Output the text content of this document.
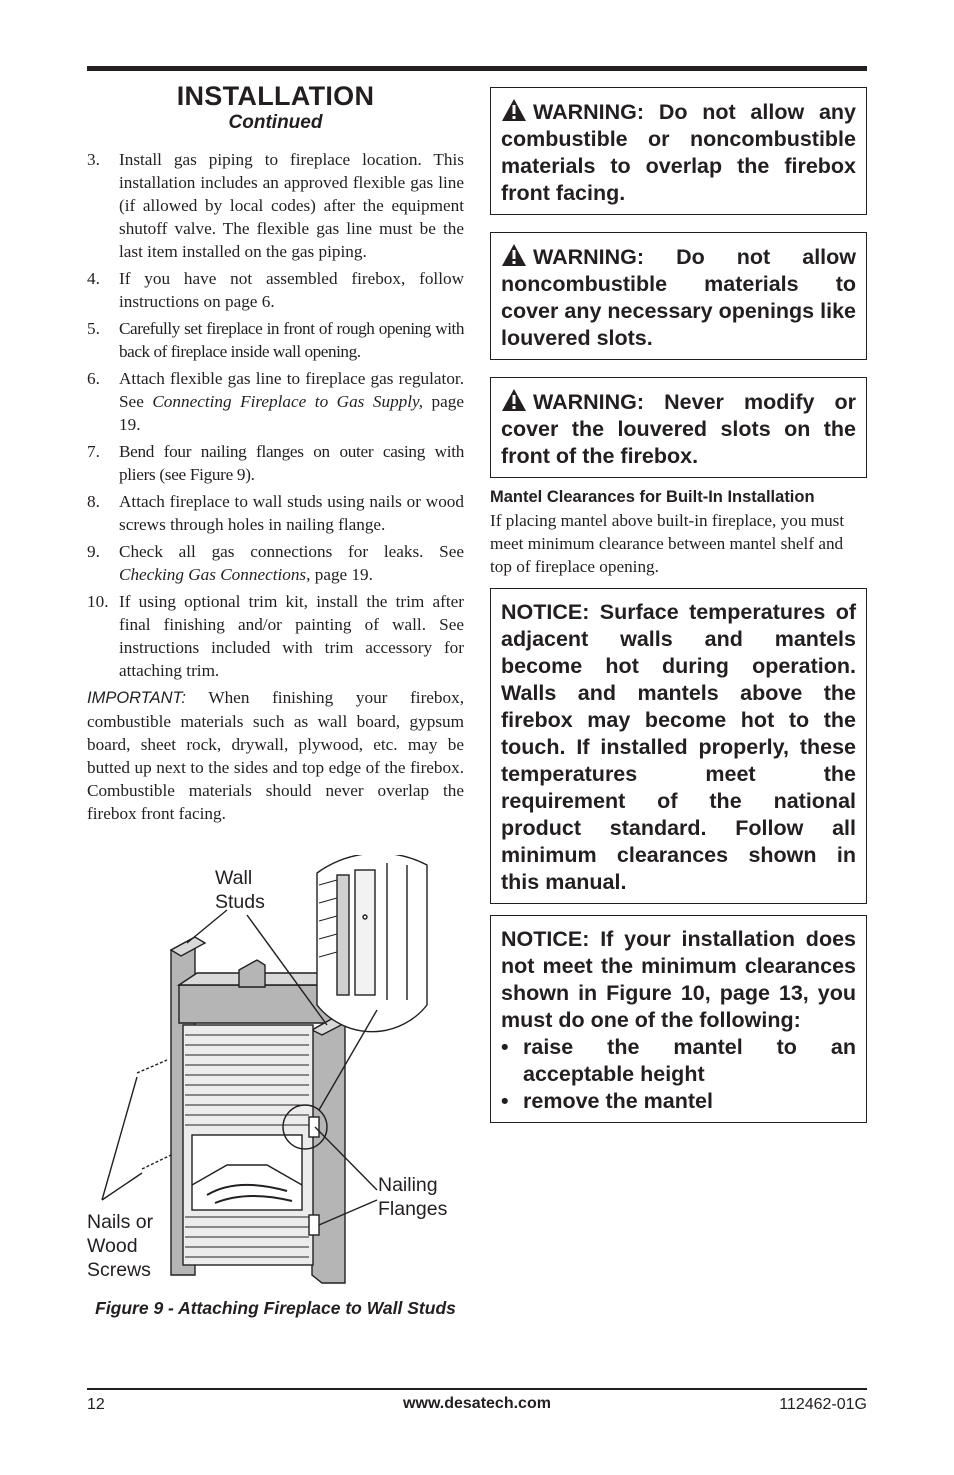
INSTALLATION
Continued
3.	Install gas piping to fireplace location. This installation includes an approved flexible gas line (if allowed by local codes) after the equipment shutoff valve. The flexible gas line must be the last item installed on the gas piping.
4.	If you have not assembled firebox, follow instructions on page 6.
5.	Carefully set fireplace in front of rough opening with back of fireplace inside wall opening.
6.	Attach flexible gas line to fireplace gas regulator. See Connecting Fireplace to Gas Supply, page 19.
7.	Bend four nailing flanges on outer casing with pliers (see Figure 9).
8.	Attach fireplace to wall studs using nails or wood screws through holes in nailing flange.
9.	Check all gas connections for leaks. See Checking Gas Connections, page 19.
10. If using optional trim kit, install the trim after final finishing and/or painting of wall. See instructions included with trim accessory for attaching trim.

IMPORTANT: When finishing your firebox, combustible materials such as wall board, gypsum board, sheet rock, drywall, plywood, etc. may be butted up next to the sides and top edge of the firebox. Combustible materials should never overlap the firebox front facing.

Wall
Studs
Nailing
Flanges
Nails or
Wood
Screws
Figure 9 - Attaching Fireplace to Wall Studs
WARNING: Do not allow any combustible or noncombustible materials to overlap the firebox front facing.
WARNING: Do not allow noncombustible materials to cover any necessary openings like louvered slots.
WARNING: Never modify or cover the louvered slots on the front of the firebox.
Mantel Clearances for Built-In Installation

If placing mantel above built-in fireplace, you must meet minimum clearance between mantel shelf and top of fireplace opening.

NOTICE: Surface temperatures of adjacent walls and mantels become hot during operation. Walls and mantels above the firebox may become hot to the touch. If installed properly, these temperatures meet the requirement of the national product standard. Follow all minimum clearances shown in this manual.
NOTICE: If your installation does not meet the minimum clearances shown in Figure 10, page 13, you must do one of the following:
• raise the mantel to an acceptable height
• remove the mantel
12	www.desatech.com	112462-01G
